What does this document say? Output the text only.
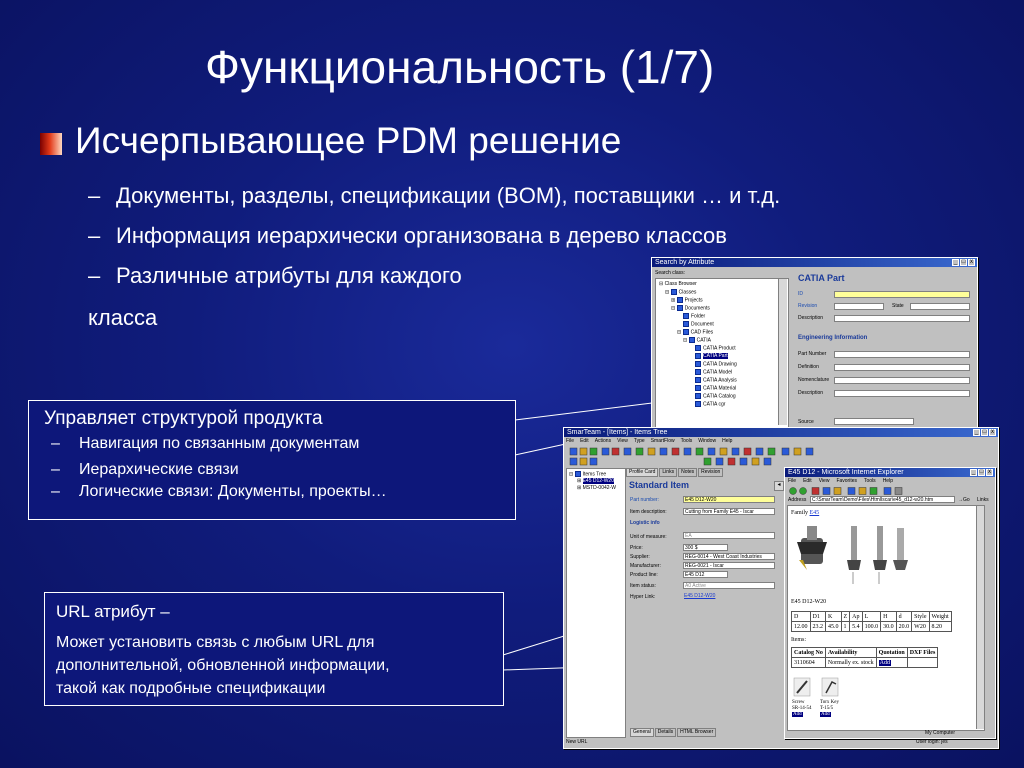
Функциональность (1/7)
Исчерпывающее PDM решение
– Документы, разделы, спецификации (BOM), поставщики … и т.д.
– Информация иерархически организована в дерево классов
– Различные атрибуты для каждого
класса
Управляет структурой продукта
– Навигация по связанным документам
– Иерархические связи
– Логические связи: Документы, проекты…
URL атрибут –
Может установить связь с любым URL для
дополнительной, обновленной информации,
такой как подробные спецификации
Search by Attribute	_ □ x
Search class:
⊟ Class Browser
⊟ Classes
⊞ Projects
⊟ Documents
Folder
Document
⊟ CAD Files
⊟ CATIA
CATIA Product
CATIA Part
CATIA Drawing
CATIA Model
CATIA Analysis
CATIA Material
CATIA Catalog
CATIA cgr
CATIA Part
ID
Revision	State
Description
Engineering Information
Part Number
Definition
Nomenclature
Description
Source
SmarTeam - [Items] - Items Tree	_ □ x
File Edit Actions View Type SmartFlow Tools Window Help
⊟ Items Tree
⊞ E45 D12-W20
⊞ MSTD-0042-W
Profile Card	Links	Notes	Revision
Standard Item	◂
Part number:	E45 D12-W20
Item description:	Cutting from Family E45 - Iscar
Logistic info
Unit of measure:	EA
Price:	300 $
Supplier:	REG-0014 - West Coast Industries
Manufacturer:	REG-0021 - Iscar
Product line:	E45 D12
Item status:	A0 Active
Hyper Link:	E45 D12-W20
General	Details	HTML Browser
New URL	User login: jes
E45 D12 - Microsoft Internet Explorer	_ □ x
File Edit View Favorites Tools Help
Address	C:\SmarTeam\Demo\Files\HtmlIscar\e45_d12-w20.htm	→Go Links
Family E45
E45 D12-W20
D	D1	K	Z	Ap	L	H	d	Style	Weight
12.00	23.2	45.0	1	5.4	100.0	30.0	20.0	W20	8.20
Items:
Catalog No	Availability	Quotation	DXF Files
3110604	Normally ex. stock	Add	
Screw
SR-14-54
Add
Torx Key
T-15/5
Add
My Computer
